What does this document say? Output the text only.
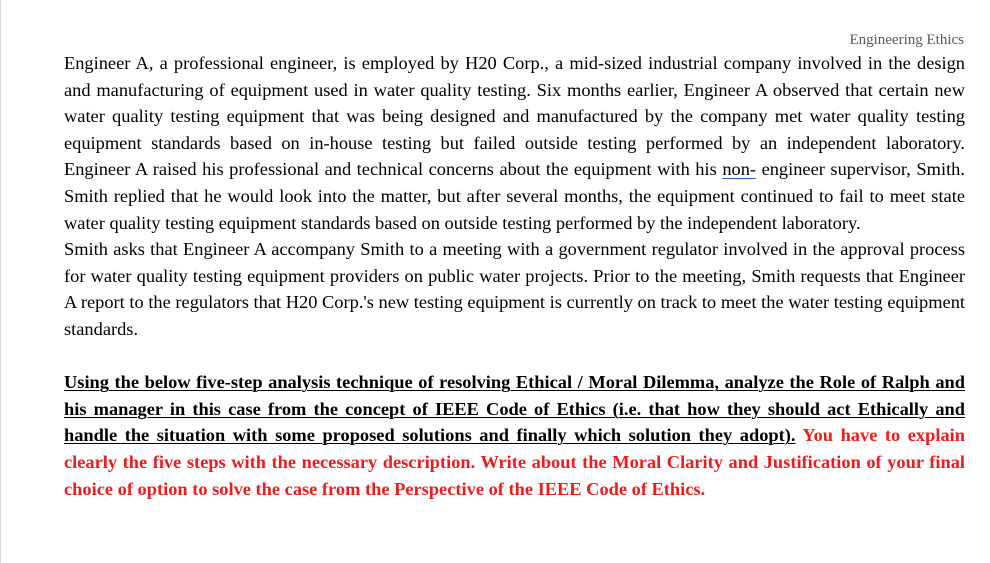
Engineering Ethics

Engineer A, a professional engineer, is employed by H20 Corp., a mid-sized industrial company involved in the design and manufacturing of equipment used in water quality testing. Six months earlier, Engineer A observed that certain new water quality testing equipment that was being designed and manufactured by the company met water quality testing equipment standards based on in-house testing but failed outside testing performed by an independent laboratory. Engineer A raised his professional and technical concerns about the equipment with his non- engineer supervisor, Smith. Smith replied that he would look into the matter, but after several months, the equipment continued to fail to meet state water quality testing equipment standards based on outside testing performed by the independent laboratory.

Smith asks that Engineer A accompany Smith to a meeting with a government regulator involved in the approval process for water quality testing equipment providers on public water projects. Prior to the meeting, Smith requests that Engineer A report to the regulators that H20 Corp.'s new testing equipment is currently on track to meet the water testing equipment standards.

Using the below five-step analysis technique of resolving Ethical / Moral Dilemma, analyze the Role of Ralph and his manager in this case from the concept of IEEE Code of Ethics (i.e. that how they should act Ethically and handle the situation with some proposed solutions and finally which solution they adopt). You have to explain clearly the five steps with the necessary description. Write about the Moral Clarity and Justification of your final choice of option to solve the case from the Perspective of the IEEE Code of Ethics.
